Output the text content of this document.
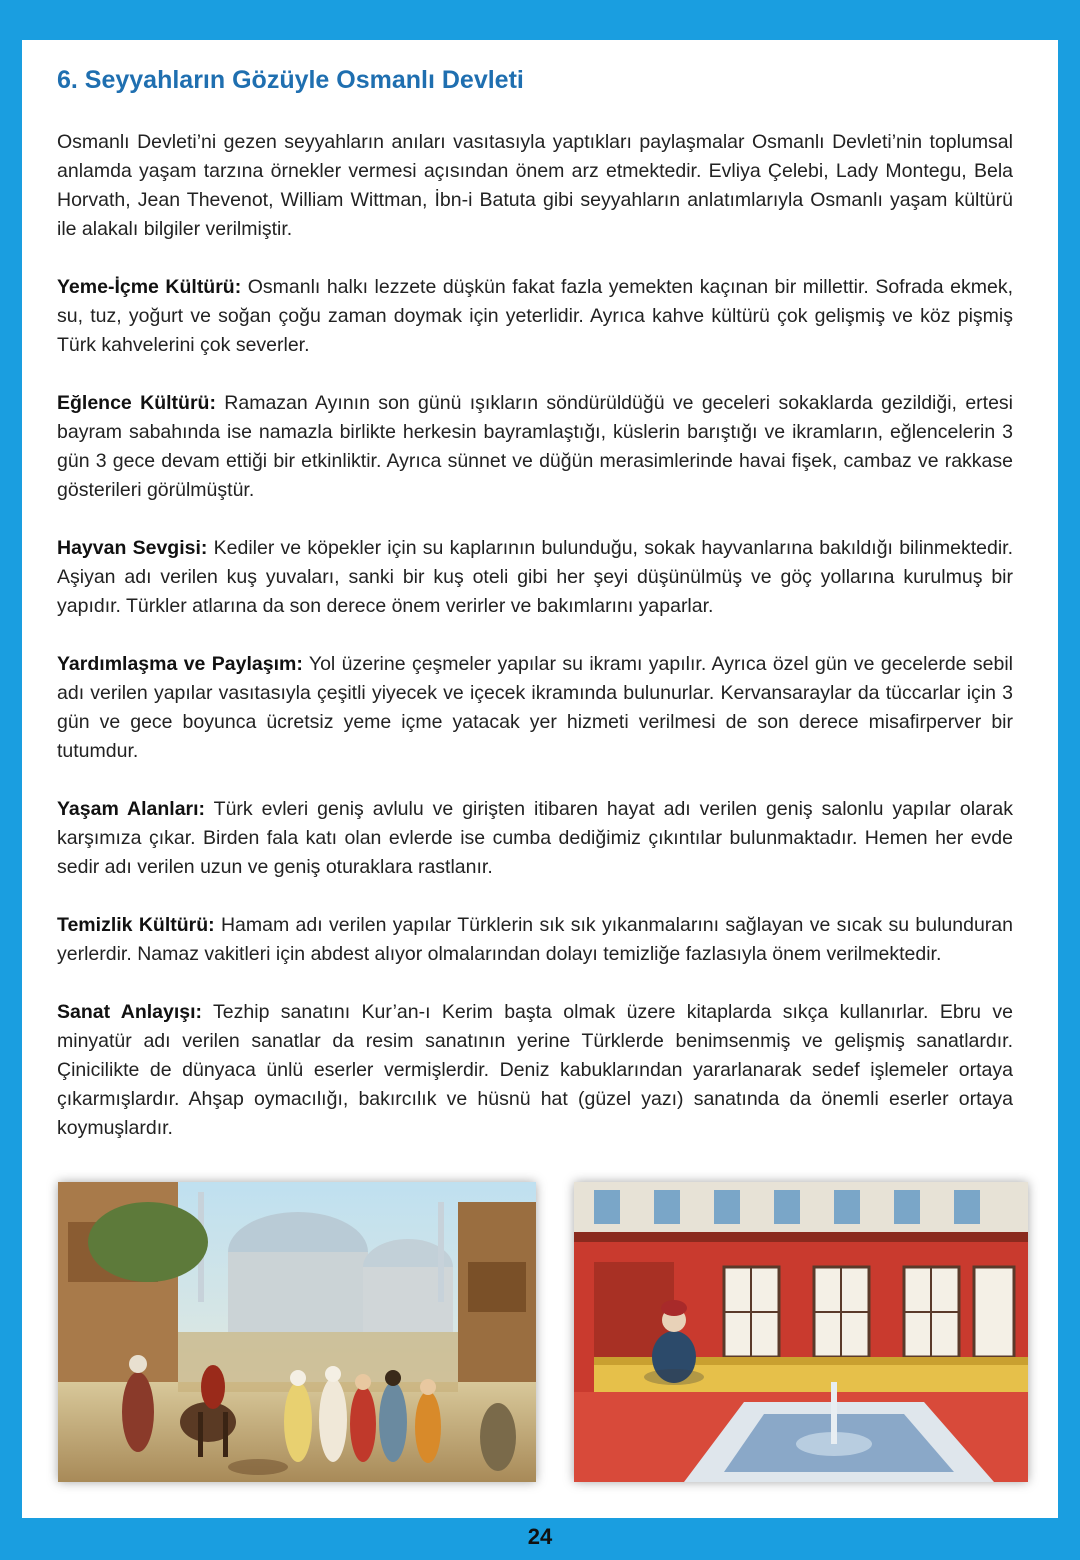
6. Seyyahların Gözüyle Osmanlı Devleti

Osmanlı Devleti’ni gezen seyyahların anıları vasıtasıyla yaptıkları paylaşmalar Osmanlı Devleti’nin toplumsal anlamda yaşam tarzına örnekler vermesi açısından önem arz etmektedir. Evliya Çelebi, Lady Montegu, Bela Horvath, Jean Thevenot, William Wittman, İbn-i Batuta gibi seyyahların anlatımlarıyla Osmanlı yaşam kültürü ile alakalı bilgiler verilmiştir.

Yeme-İçme Kültürü: Osmanlı halkı lezzete düşkün fakat fazla yemekten kaçınan bir millettir. Sofrada ekmek, su, tuz, yoğurt ve soğan çoğu zaman doymak için yeterlidir. Ayrıca kahve kültürü çok gelişmiş ve köz pişmiş Türk kahvelerini çok severler.

Eğlence Kültürü: Ramazan Ayının son günü ışıkların söndürüldüğü ve geceleri sokaklarda gezildiği, ertesi bayram sabahında ise namazla birlikte herkesin bayramlaştığı, küslerin barıştığı ve ikramların, eğlencelerin 3 gün 3 gece devam ettiği bir etkinliktir. Ayrıca sünnet ve düğün merasimlerinde havai fişek, cambaz ve rakkase gösterileri görülmüştür.

Hayvan Sevgisi: Kediler ve köpekler için su kaplarının bulunduğu, sokak hayvanlarına bakıldığı bilinmektedir. Aşiyan adı verilen kuş yuvaları, sanki bir kuş oteli gibi her şeyi düşünülmüş ve göç yollarına kurulmuş bir yapıdır. Türkler atlarına da son derece önem verirler ve bakımlarını yaparlar.

Yardımlaşma ve Paylaşım: Yol üzerine çeşmeler yapılar su ikramı yapılır. Ayrıca özel gün ve gecelerde sebil adı verilen yapılar vasıtasıyla çeşitli yiyecek ve içecek ikramında bulunurlar. Kervansaraylar da tüccarlar için 3 gün ve gece boyunca ücretsiz yeme içme yatacak yer hizmeti verilmesi de son derece misafirperver bir tutumdur.

Yaşam Alanları: Türk evleri geniş avlulu ve girişten itibaren hayat adı verilen geniş salonlu yapılar olarak karşımıza çıkar. Birden fala katı olan evlerde ise cumba dediğimiz çıkıntılar bulunmaktadır. Hemen her evde sedir adı verilen uzun ve geniş oturaklara rastlanır.

Temizlik Kültürü: Hamam adı verilen yapılar Türklerin sık sık yıkanmalarını sağlayan ve sıcak su bulunduran yerlerdir. Namaz vakitleri için abdest alıyor olmalarından dolayı temizliğe fazlasıyla önem verilmektedir.

Sanat Anlayışı: Tezhip sanatını Kur’an-ı Kerim başta olmak üzere kitaplarda sıkça kullanırlar. Ebru ve minyatür adı verilen sanatlar da resim sanatının yerine Türklerde benimsenmiş ve gelişmiş sanatlardır. Çinicilikte de dünyaca ünlü eserler vermişlerdir. Deniz kabuklarından yararlanarak sedef işlemeler ortaya çıkarmışlardır. Ahşap oymacılığı, bakırcılık ve hüsnü hat (güzel yazı) sanatında da önemli eserler ortaya koymuşlardır.

24
